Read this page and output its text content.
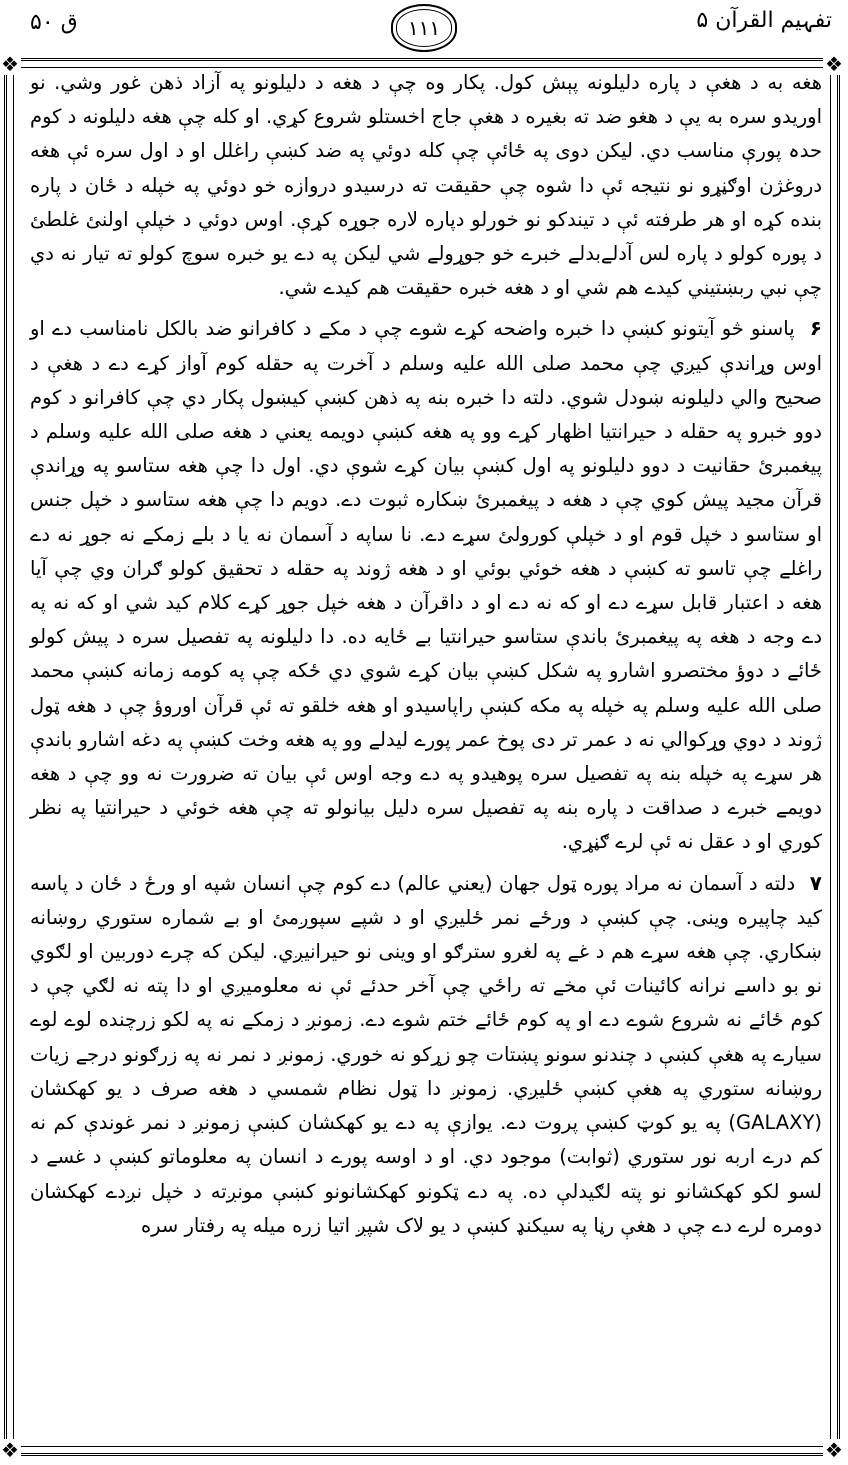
تفہیم القرآن ۵
۱۱۱
ق ۵۰
❖	❖
❖	❖

هغه به د هغې د پاره دلیلونه پېش کول. پکار وه چې د هغه د دلیلونو په آزاد ذهن غور وشي. نو اوريدو سره به یې د هغو ضد ته بغیره د هغې جاج اخستلو شروع کړي. او کله چې هغه دلیلونه د کوم حدہ پورې مناسب دي. لیکن دوی په ځائې چې کله دوئي په ضد کښې راغلل او د اول سره ئې هغه دروغژن اوګڼړو نو نتیجه ئې دا شوه چې حقیقت ته درسیدو دروازه خو دوئي په خپله د ځان د پاره بنده کړه او هر طرفته ئې د تیندکو نو خورلو دپاره لاره جوړه کړې. اوس دوئي د خپلې اولنئ غلطئ د پوره کولو د پاره لس آدلےبدلے خبرے خو جوړولے شي لیکن په دے یو خبره سوچ کولو ته تیار نه دي چې نبي ربښتیني کیدے هم شي او د هغه خبره حقیقت هم کیدے شي.

۶ پاسنو څو آیتونو کښې دا خبره واضحه کړے شوے چې د مکے د کافرانو ضد بالکل نامناسب دے او اوس وړاندې کیږي چې محمد صلی الله علیه وسلم د آخرت په حقله کوم آواز کړے دے د هغې د صحیح والي دلیلونه ښودل شوي. دلته دا خبره بنه په ذهن کښې کیښول پکار دي چې کافرانو د کوم دوو خبرو په حقله د حیرانتیا اظهار کړے وو په هغه کښې دویمه یعني د هغه صلی الله علیه وسلم د پیغمبرئ حقانیت د دوو دلیلونو په اول کښې بیان کړے شوې دي. اول دا چې هغه ستاسو په وړاندې قرآن مجید پیش کوي چې د هغه د پیغمبرئ ښکاره ثبوت دے. دویم دا چې هغه ستاسو د خپل جنس او ستاسو د خپل قوم او د خپلې کورولئ سړے دے. نا ساپه د آسمان نه یا د بلے زمکے نه جوړ نه دے راغلے چې تاسو ته کښې د هغه خوئي بوئي او د هغه ژوند په حقله د تحقیق کولو ګران وي چې آیا هغه د اعتبار قابل سړے دے او که نه دے او د داقرآن د هغه خپل جوړ کړے کلام کید شي او که نه په دے وجه د هغه په پیغمبرئ باندې ستاسو حیرانتیا بے ځایه ده. دا دلیلونه په تفصیل سره د پیش کولو ځائے د دوؤ مختصرو اشارو په شکل کښې بیان کړے شوي دي ځکه چې په کومه زمانه کښې محمد صلی الله علیه وسلم په خپله په مکه کښې راپاسیدو او هغه خلقو ته ئې قرآن اوروؤ چې د هغه ټول ژوند د دوي وړکوالي نه د عمر تر دی پوخ عمر پورے لیدلے وو په هغه وخت کښې په دغه اشارو باندې هر سړے په خپله بنه په تفصیل سره پوهیدو په دے وجه اوس ئې بیان ته ضرورت نه وو چې د هغه دویمے خبرے د صداقت د پاره بنه په تفصیل سره دلیل بیانولو ته چې هغه خوئي د حیرانتیا په نظر کوري او د عقل نه ئې لرے ګڼړي.

۷ دلته د آسمان نه مراد پوره ټول جهان (یعني عالم) دے کوم چې انسان شپه او ورځ د ځان د پاسه کید چاپیره وینی. چې کښې د ورځے نمر ځلیږي او د شپے سپوږمئ او بے شماره ستوري روښانه ښکاري. چې هغه سړے هم د غے په لغرو سترګو او وینی نو حیرانیږي. لیکن که چرے دوربین او لګوي نو بو داسے نرانه کائینات ئې مخے ته راځي چې آخر حدئے ئې نه معلومیږي او دا پته نه لګي چې د کوم ځائے نه شروع شوے دے او په کوم ځائے ختم شوے دے. زمونږ د زمکے نه په لکو زرچنده لوے لوے سیارے په هغې کښې د چندنو سونو پښتات چو زړکو نه خوري. زمونږ د نمر نه په زرګونو درجے زیات روښانه ستوري په هغې کښې ځلیږي. زمونږ دا ټول نظام شمسي د هغه صرف د یو کهکشان (GALAXY) په یو کوټ کښې پروت دے. یوازې په دے یو کهکشان کښې زمونږ د نمر غوندې کم نه کم درے اربه نور ستوري (ثوابت) موجود دي. او د اوسه پورے د انسان په معلوماتو کښې د غسے د لسو لکو کهکشانو نو پته لګیدلې ده. په دے ټکونو کهکشانونو کښې مونږته د خپل نږدے کهکشان دومره لرے دے چې د هغې رڼا په سیکنډ کښې د یو لاک شپږ اتیا زره میله په رفتار سره
